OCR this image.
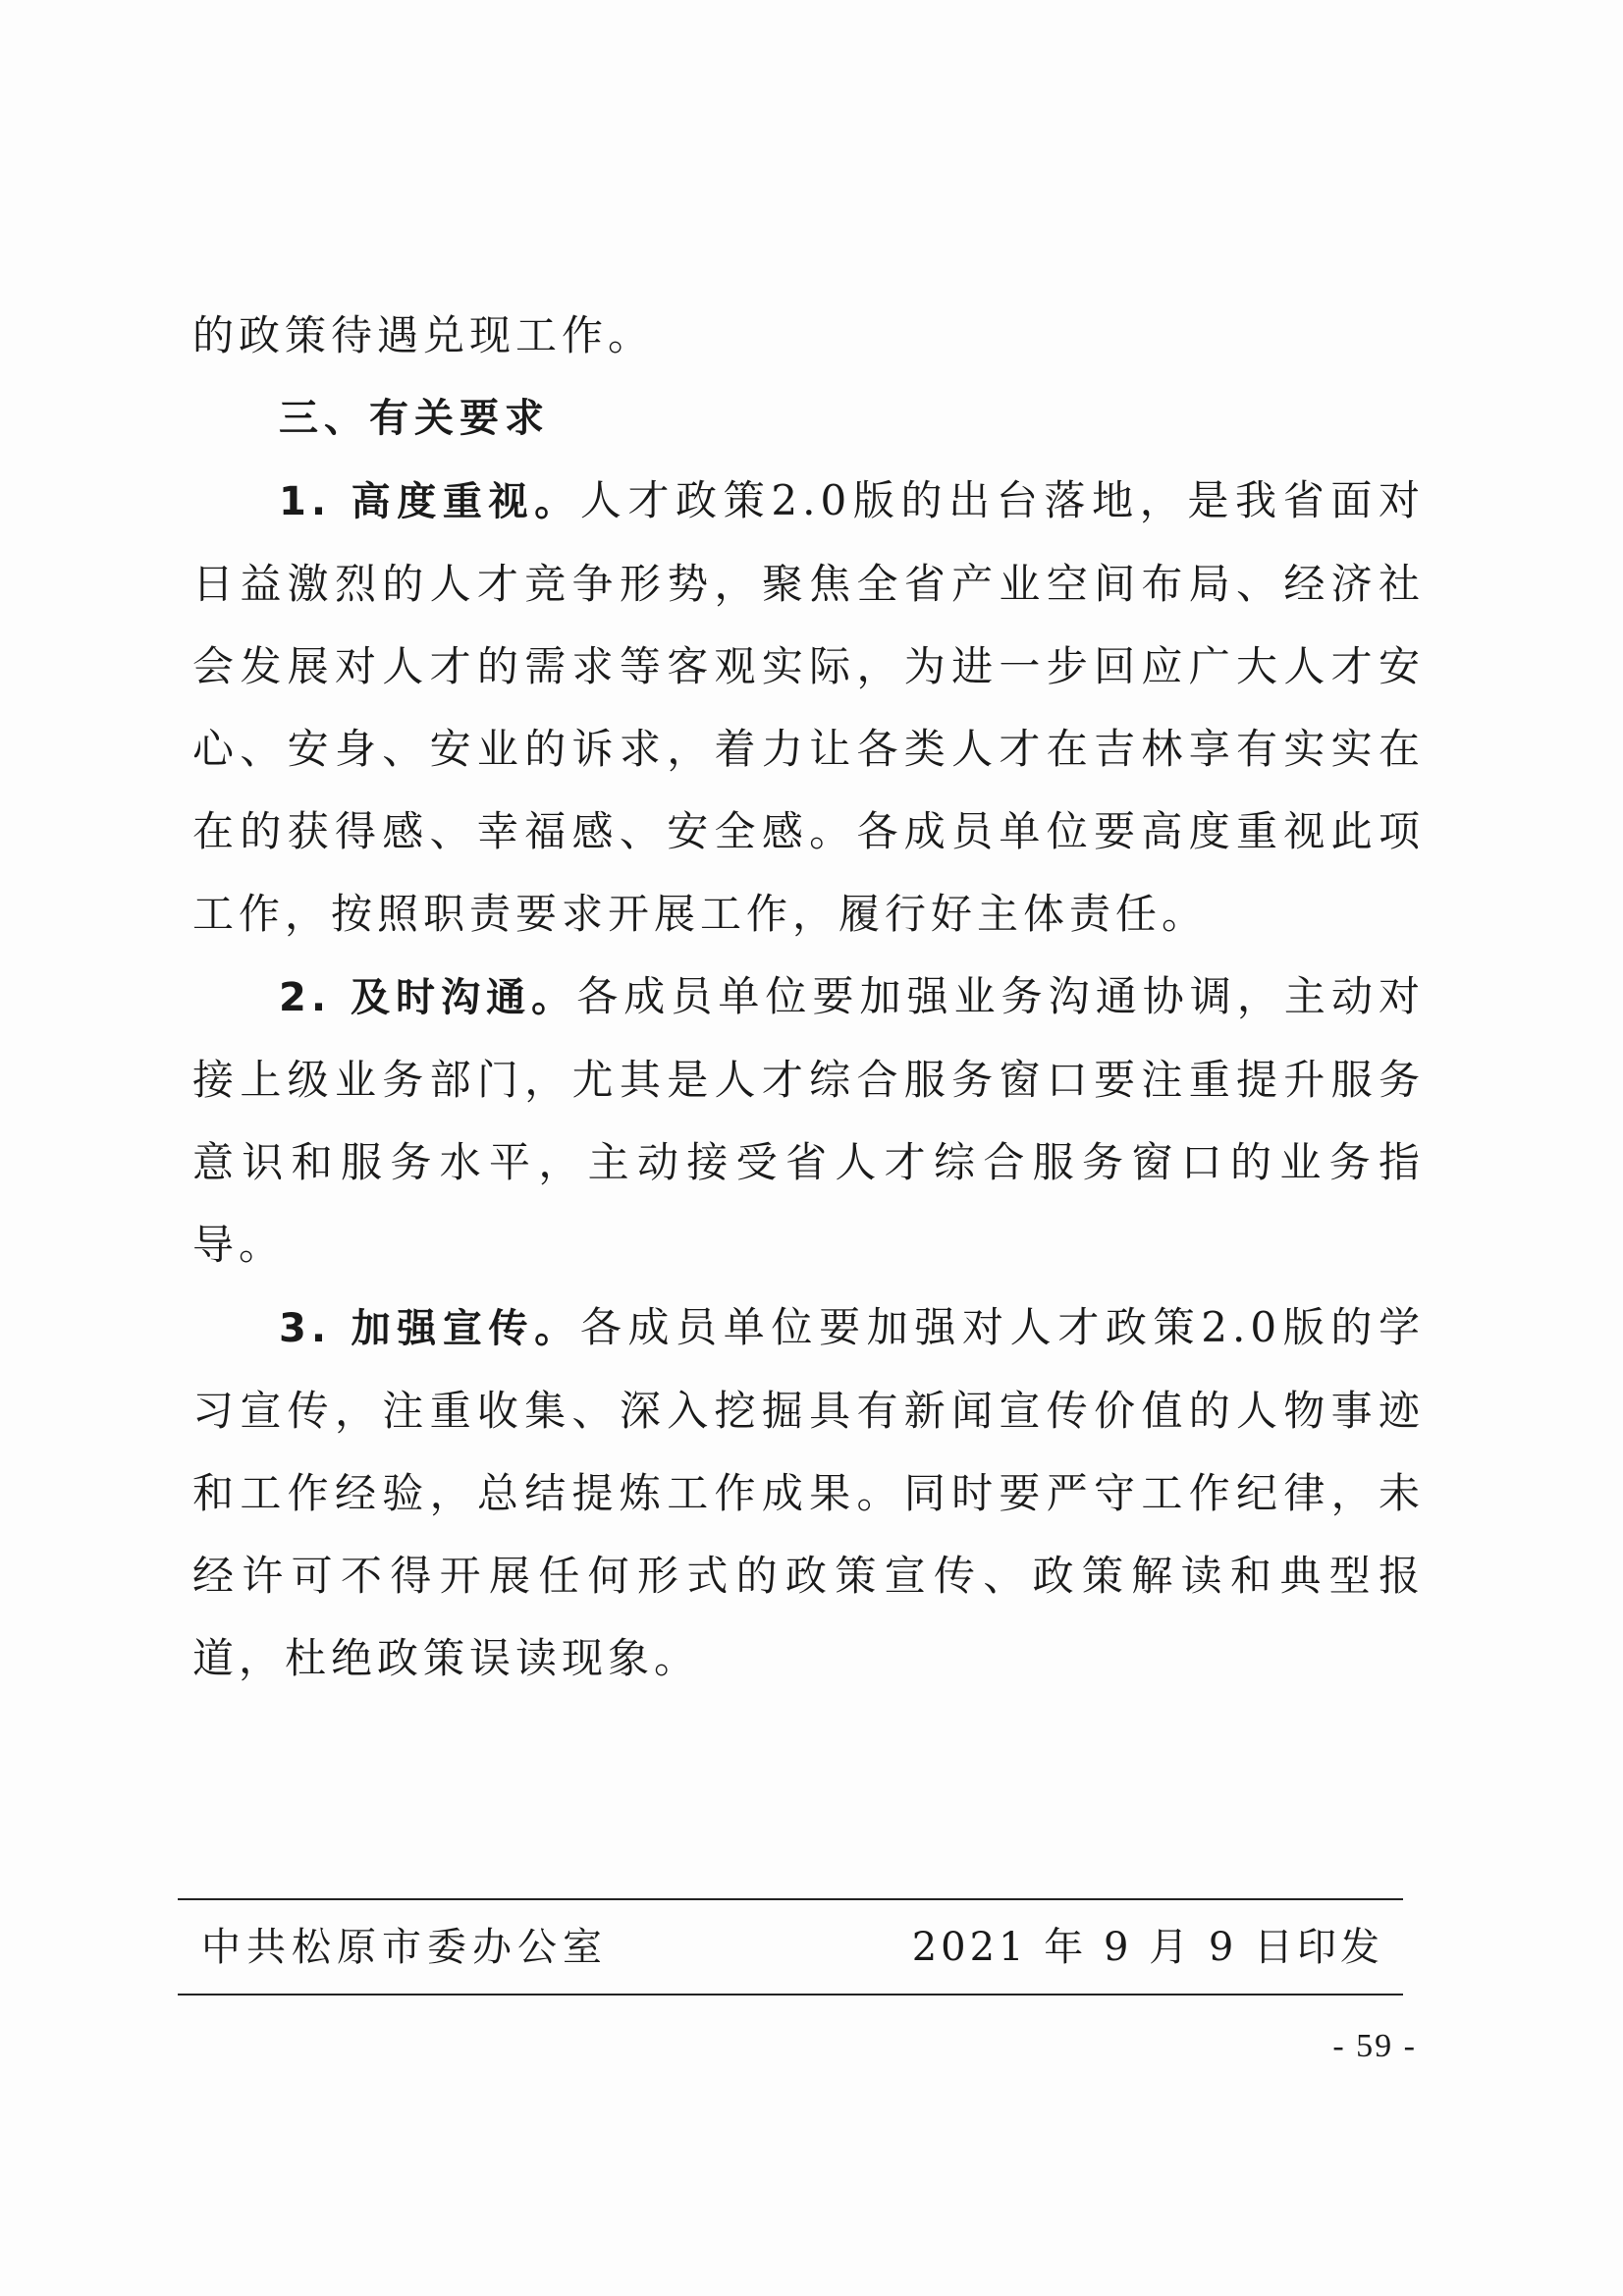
的政策待遇兑现工作。

三、有关要求

1. 高度重视。人才政策2.0版的出台落地，是我省面对日益激烈的人才竞争形势，聚焦全省产业空间布局、经济社会发展对人才的需求等客观实际，为进一步回应广大人才安心、安身、安业的诉求，着力让各类人才在吉林享有实实在在的获得感、幸福感、安全感。各成员单位要高度重视此项工作，按照职责要求开展工作，履行好主体责任。

2. 及时沟通。各成员单位要加强业务沟通协调，主动对接上级业务部门，尤其是人才综合服务窗口要注重提升服务意识和服务水平，主动接受省人才综合服务窗口的业务指导。

3. 加强宣传。各成员单位要加强对人才政策2.0版的学习宣传，注重收集、深入挖掘具有新闻宣传价值的人物事迹和工作经验，总结提炼工作成果。同时要严守工作纪律，未经许可不得开展任何形式的政策宣传、政策解读和典型报道，杜绝政策误读现象。

中共松原市委办公室	2021 年 9 月 9 日印发
- 59 -
